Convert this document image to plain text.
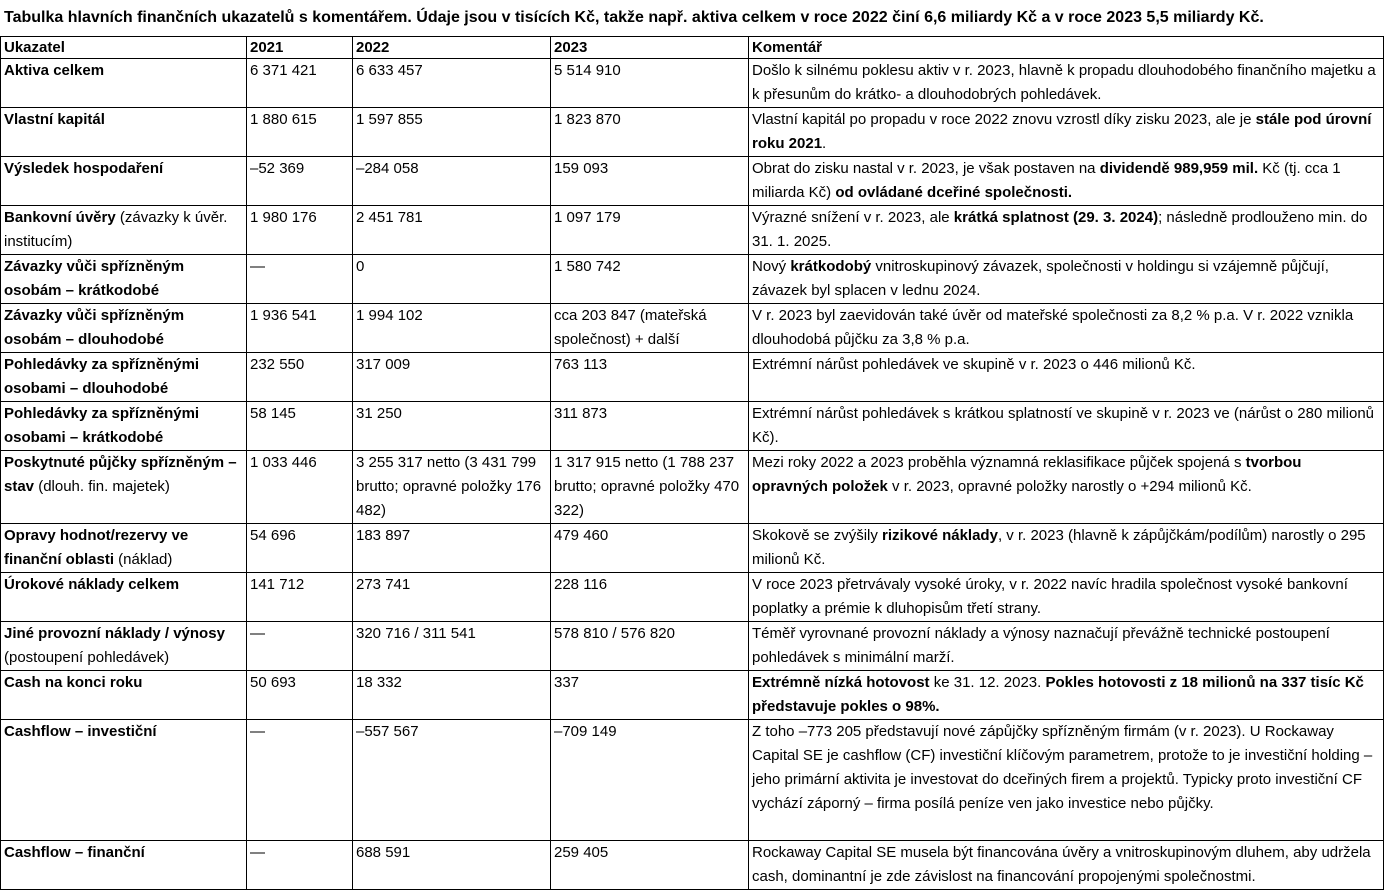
Tabulka hlavních finančních ukazatelů s komentářem. Údaje jsou v tisících Kč, takže např. aktiva celkem v roce 2022 činí 6,6 miliardy Kč a v roce 2023 5,5 miliardy Kč.
Ukazatel	2021	2022	2023	Komentář
Aktiva celkem	6 371 421	6 633 457	5 514 910	Došlo k silnému poklesu aktiv v r. 2023, hlavně k propadu dlouhodobého finančního majetku a k přesunům do krátko- a dlouhodobrých pohledávek.
Vlastní kapitál	1 880 615	1 597 855	1 823 870	Vlastní kapitál po propadu v roce 2022 znovu vzrostl díky zisku 2023, ale je stále pod úrovní roku 2021.
Výsledek hospodaření	–52 369	–284 058	159 093	Obrat do zisku nastal v r. 2023, je však postaven na dividendě 989,959 mil. Kč (tj. cca 1 miliarda Kč) od ovládané dceřiné společnosti.
Bankovní úvěry (závazky k úvěr. institucím)	1 980 176	2 451 781	1 097 179	Výrazné snížení v r. 2023, ale krátká splatnost (29. 3. 2024); následně prodlouženo min. do 31. 1. 2025.
Závazky vůči spřízněným osobám – krátkodobé	—	0	1 580 742	Nový krátkodobý vnitroskupinový závazek, společnosti v holdingu si vzájemně půjčují, závazek byl splacen v lednu 2024.
Závazky vůči spřízněným osobám – dlouhodobé	1 936 541	1 994 102	cca 203 847 (mateřská společnost) + další	V r. 2023 byl zaevidován také úvěr od mateřské společnosti za 8,2 % p.a. V r. 2022 vznikla dlouhodobá půjčku za 3,8 % p.a.
Pohledávky za spřízněnými osobami – dlouhodobé	232 550	317 009	763 113	Extrémní nárůst pohledávek ve skupině v r. 2023 o 446 milionů Kč.
Pohledávky za spřízněnými osobami – krátkodobé	58 145	31 250	311 873	Extrémní nárůst pohledávek s krátkou splatností ve skupině v r. 2023 ve (nárůst o 280 milionů Kč).
Poskytnuté půjčky spřízněným – stav (dlouh. fin. majetek)	1 033 446	3 255 317 netto (3 431 799 brutto; opravné položky 176 482)	1 317 915 netto (1 788 237 brutto; opravné položky 470 322)	Mezi roky 2022 a 2023 proběhla významná reklasifikace půjček spojená s tvorbou opravných položek v r. 2023, opravné položky narostly o +294 milionů Kč.
Opravy hodnot/rezervy ve finanční oblasti (náklad)	54 696	183 897	479 460	Skokově se zvýšily rizikové náklady, v r. 2023 (hlavně k zápůjčkám/podílům) narostly o 295 milionů Kč.
Úrokové náklady celkem	141 712	273 741	228 116	V roce 2023 přetrvávaly vysoké úroky, v r. 2022 navíc hradila společnost vysoké bankovní poplatky a prémie k dluhopisům třetí strany.
Jiné provozní náklady / výnosy (postoupení pohledávek)	—	320 716 / 311 541	578 810 / 576 820	Téměř vyrovnané provozní náklady a výnosy naznačují převážně technické postoupení pohledávek s minimální marží.
Cash na konci roku	50 693	18 332	337	Extrémně nízká hotovost ke 31. 12. 2023. Pokles hotovosti z 18 milionů na 337 tisíc Kč představuje pokles o 98%.
Cashflow – investiční	—	–557 567	–709 149	Z toho –773 205 představují nové zápůjčky spřízněným firmám (v r. 2023). U Rockaway Capital SE je cashflow (CF) investiční klíčovým parametrem, protože to je investiční holding – jeho primární aktivita je investovat do dceřiných firem a projektů. Typicky proto investiční CF vychází záporný – firma posílá peníze ven jako investice nebo půjčky.
Cashflow – finanční	—	688 591	259 405	Rockaway Capital SE musela být financována úvěry a vnitroskupinovým dluhem, aby udržela cash, dominantní je zde závislost na financování propojenými společnostmi.
